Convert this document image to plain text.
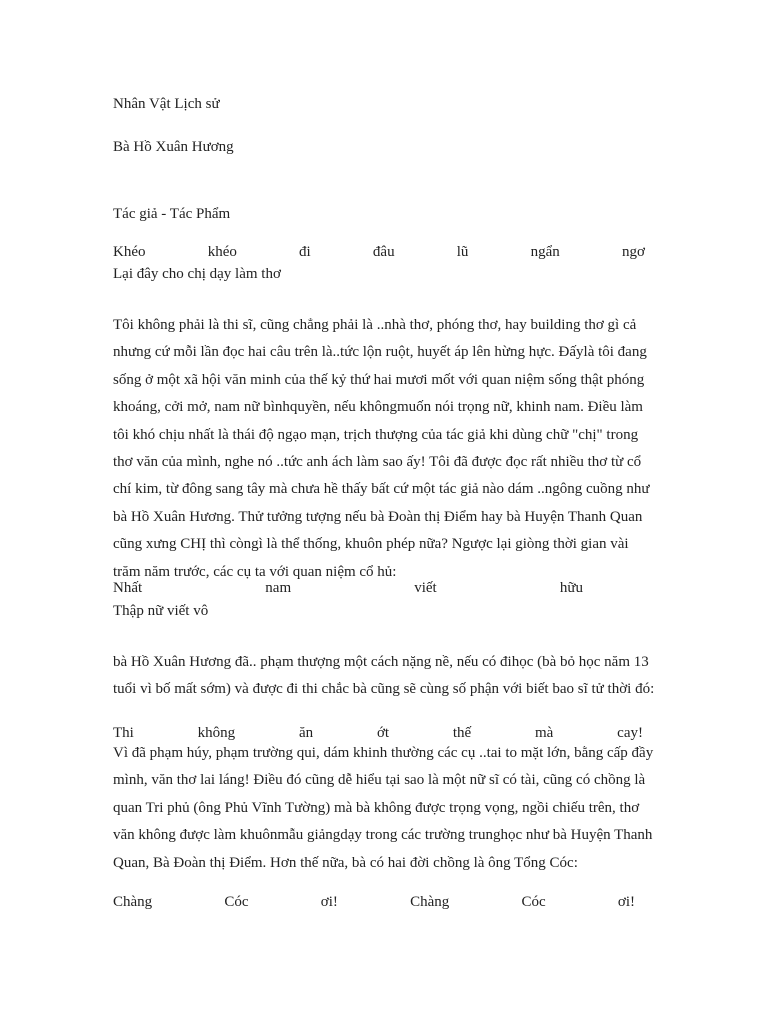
Nhân Vật Lịch sử
Bà Hồ Xuân Hương
Tác giả - Tác Phẩm
Khéo	khéo	đi	đâu	lũ	ngẩn	ngơ
Lại đây cho chị dạy làm thơ
Tôi không phải là thi sĩ, cũng chẳng phải là ..nhà thơ, phóng thơ, hay building thơ gì cả
nhưng cứ mỗi lần đọc hai câu trên là..tức lộn ruột, huyết áp lên hừng hực. Đấylà tôi đang
sống ở một xã hội văn minh của thế kỷ thứ hai mươi mốt với quan niệm sống thật phóng
khoáng, cởi mở, nam nữ bìnhquyền, nếu khôngmuốn nói trọng nữ, khinh nam. Điều làm
tôi khó chịu nhất là thái độ ngạo mạn, trịch thượng của tác giả khi dùng chữ "chị" trong
thơ văn của mình, nghe nó ..tức anh ách làm sao ấy! Tôi đã được đọc rất nhiều thơ từ cổ
chí kim, từ đông sang tây mà chưa hề thấy bất cứ một tác giả nào dám ..ngông cuồng như
bà Hồ Xuân Hương. Thử tưởng tượng nếu bà Đoàn thị Điểm hay bà Huyện Thanh Quan
cũng xưng CHỊ thì còngì là thể thống, khuôn phép nữa? Ngược lại giòng thời gian vài
trăm năm trước, các cụ ta với quan niệm cổ hủ:
Nhất	nam	viết	hữu
Thập nữ viết vô
bà Hồ Xuân Hương đã.. phạm thượng một cách nặng nề, nếu có đihọc (bà bỏ học năm 13
tuổi vì bố mất sớm) và được đi thi chắc bà cũng sẽ cùng số phận với biết bao sĩ tử thời đó:
Thi	không	ăn	ớt	thế	mà	cay!
Vì đã phạm húy, phạm trường qui, dám khinh thường các cụ ..tai to mặt lớn, bằng cấp đầy
mình, văn thơ lai láng! Điều đó cũng dễ hiểu tại sao là một nữ sĩ có tài, cũng có chồng là
quan Tri phủ (ông Phủ Vĩnh Tường) mà bà không được trọng vọng, ngồi chiếu trên, thơ
văn không được làm khuônmẫu giảngdạy trong các trường trunghọc như bà Huyện Thanh
Quan, Bà Đoàn thị Điểm. Hơn thế nữa, bà có hai đời chồng là ông Tổng Cóc:
Chàng	Cóc	ơi!	Chàng	Cóc	ơi!
